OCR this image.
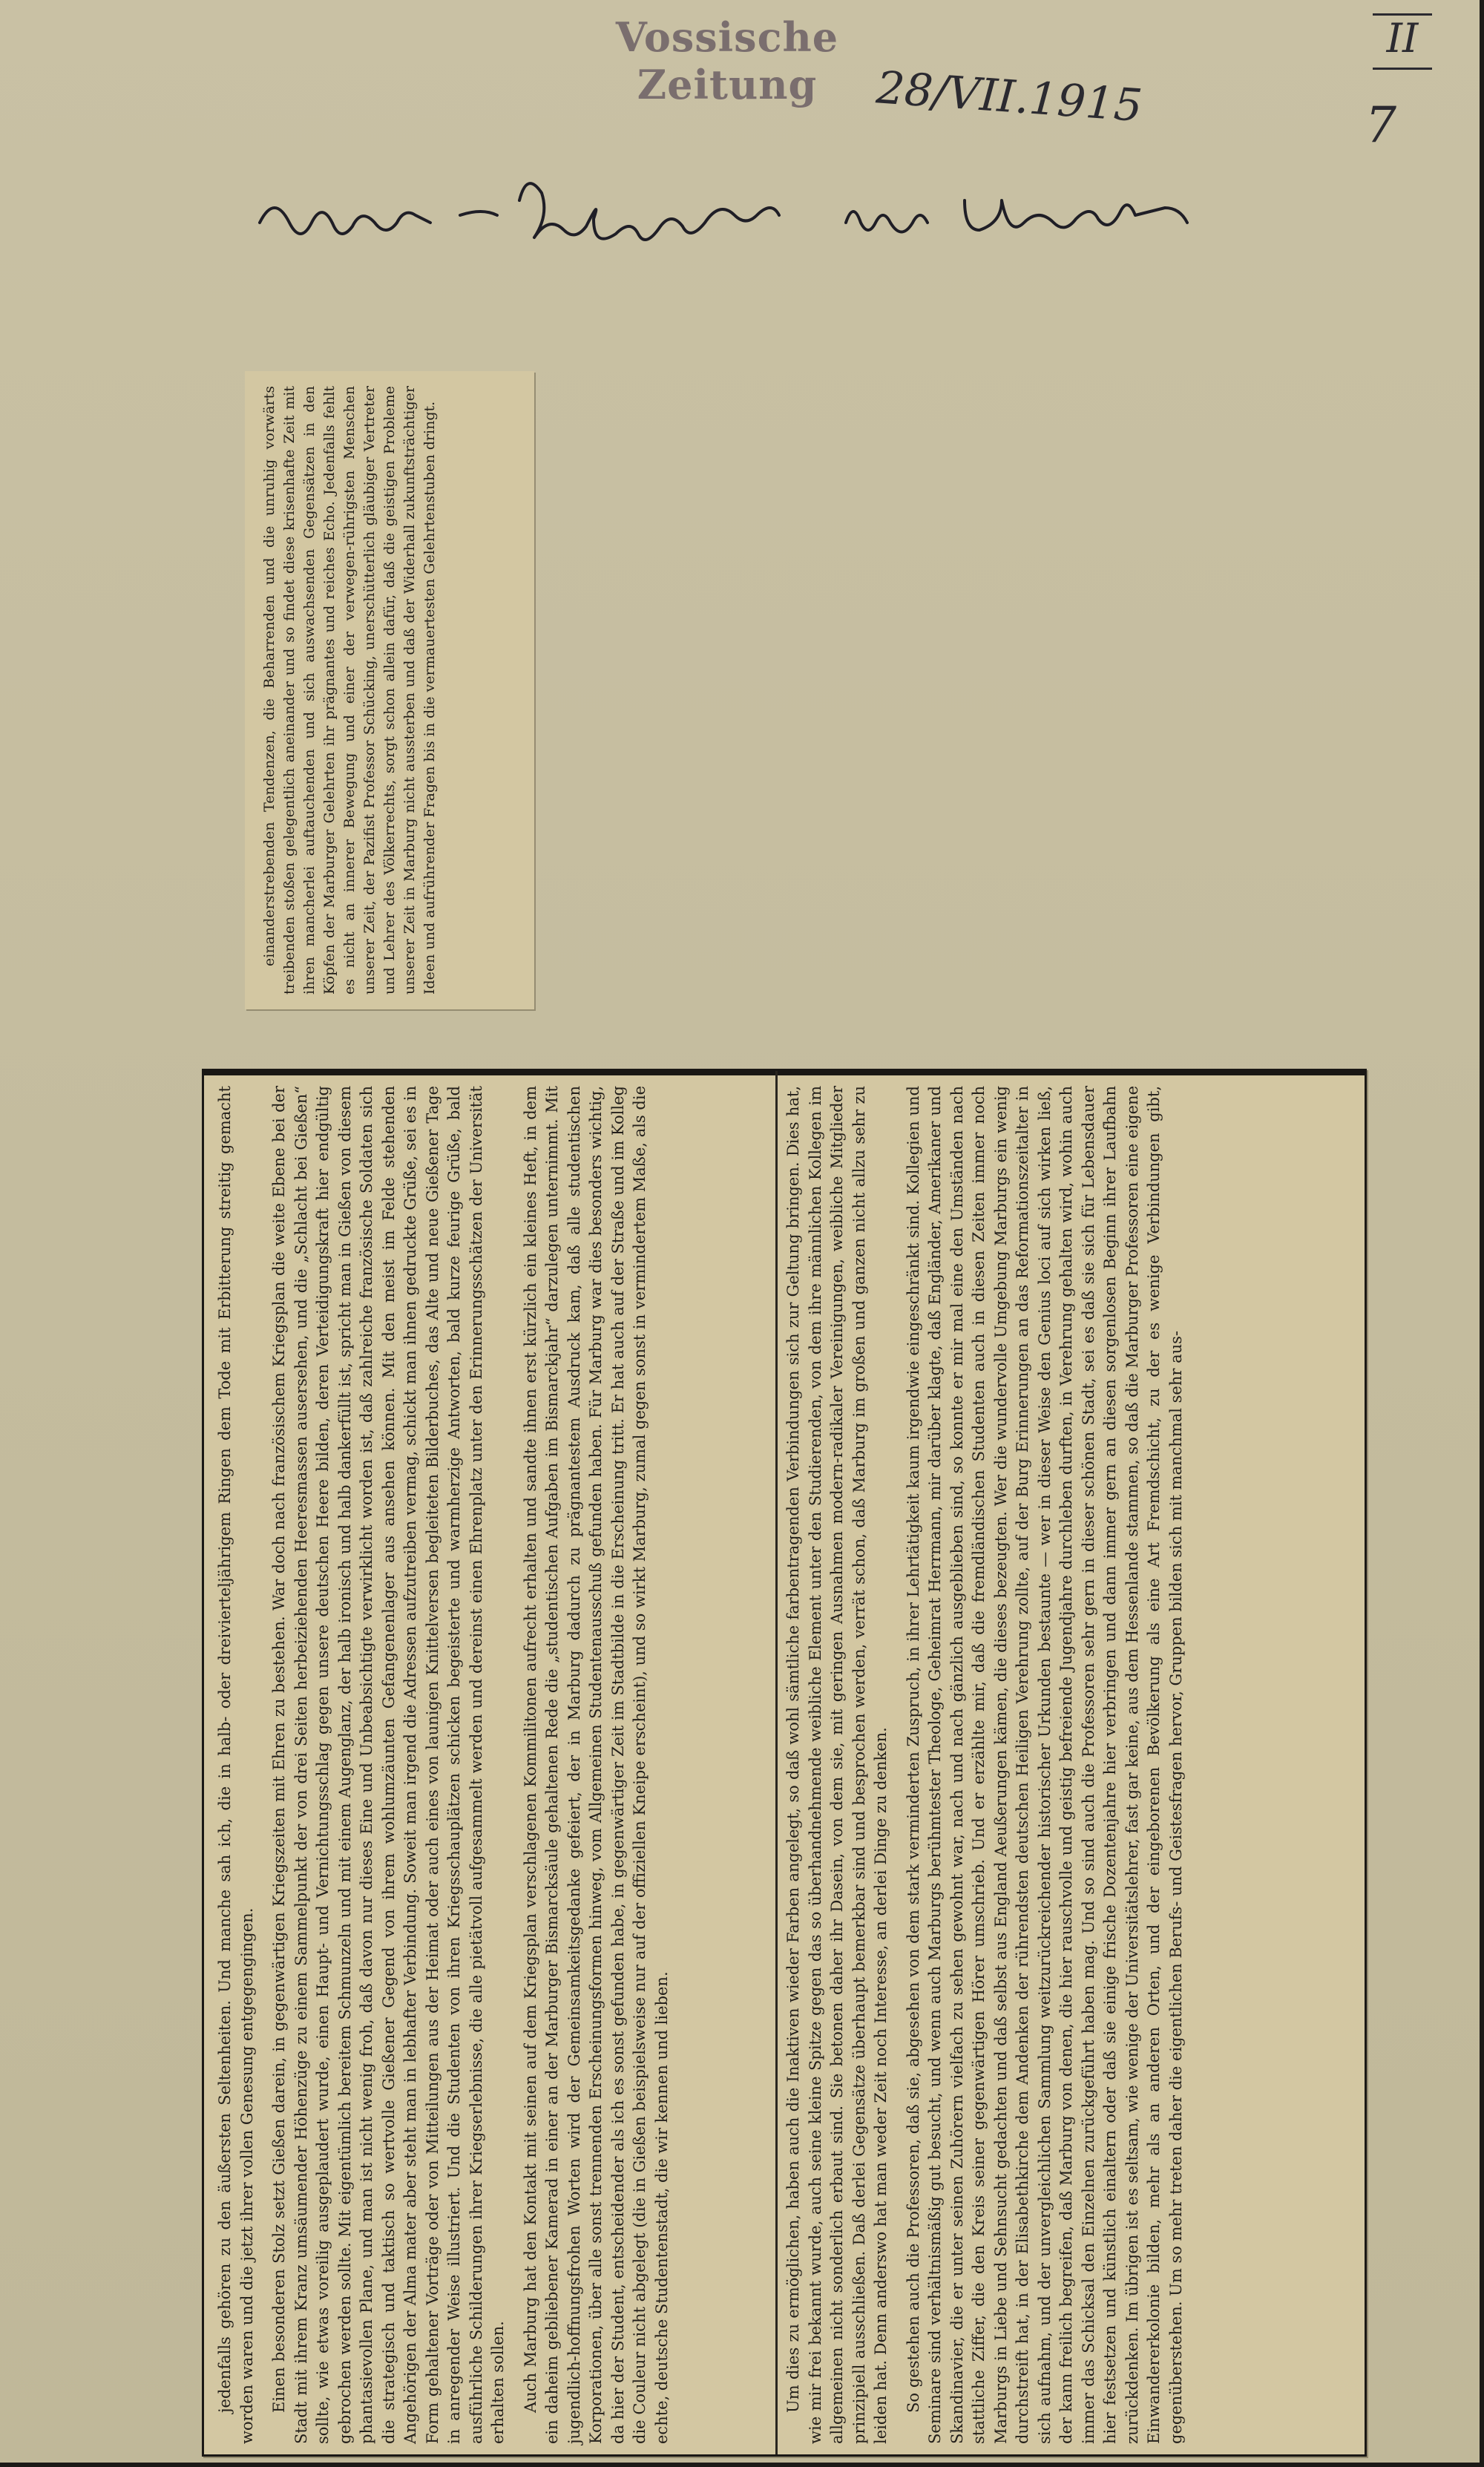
Vossische Zeitung	28/VII.1915
II
7

einanderstrebenden Tendenzen, die Beharrenden und die unruhig vorwärts treibenden stoßen gelegentlich aneinander und so findet diese krisenhafte Zeit mit ihren mancherlei auftauchenden und sich auswachsenden Gegensätzen in den Köpfen der Marburger Gelehrten ihr prägnantes und reiches Echo. Jedenfalls fehlt es nicht an innerer Bewegung und einer der verwegen-rührigsten Menschen unserer Zeit, der Pazifist Professor Schücking, unerschütterlich gläubiger Vertreter und Lehrer des Völkerrechts, sorgt schon allein dafür, daß die geistigen Probleme unserer Zeit in Marburg nicht aussterben und daß der Widerhall zukunftsträchtiger Ideen und aufrührender Fragen bis in die vermauertesten Gelehrtenstuben dringt.

jedenfalls gehören zu den äußersten Seltenheiten. Und manche sah ich, die in halb- oder dreivierteljährigem Ringen dem Tode mit Erbitterung streitig gemacht worden waren und die jetzt ihrer vollen Genesung entgegengingen. Einen besonderen Stolz setzt Gießen darein, in gegenwärtigen Kriegszeiten mit Ehren zu bestehen. War doch nach französischem Kriegsplan die weite Ebene bei der Stadt mit ihrem Kranz umsäumender Höhenzüge zu einem Sammelpunkt der von drei Seiten herbeiziehenden Heeresmassen ausersehen, und die „Schlacht bei Gießen“ sollte, wie etwas voreilig ausgeplaudert wurde, einen Haupt- und Vernichtungsschlag gegen unsere deutschen Heere bilden, deren Verteidigungskraft hier endgültig gebrochen werden sollte. Mit eigentümlich bereitem Schmunzeln und mit einem Augenglanz, der halb ironisch und halb dankerfüllt ist, spricht man in Gießen von diesem phantasievollen Plane, und man ist nicht wenig froh, daß davon nur dieses Eine und Unbeabsichtigte verwirklicht worden ist, daß zahlreiche französische Soldaten sich die strategisch und taktisch so wertvolle Gießener Gegend von ihrem wohlumzäunten Gefangenenlager aus ansehen können. Mit den meist im Felde stehenden Angehörigen der Alma mater aber steht man in lebhafter Verbindung. Soweit man irgend die Adressen aufzutreiben vermag, schickt man ihnen gedruckte Grüße, sei es in Form gehaltener Vorträge oder von Mitteilungen aus der Heimat oder auch eines von launigen Knittelversen begleiteten Bilderbuches, das Alte und neue Gießener Tage in anregender Weise illustriert. Und die Studenten von ihren Kriegsschauplätzen schicken begeisterte und warmherzige Antworten, bald kurze feurige Grüße, bald ausführliche Schilderungen ihrer Kriegserlebnisse, die alle pietätvoll aufgesammelt werden und dereinst einen Ehrenplatz unter den Erinnerungsschätzen der Universität erhalten sollen. Auch Marburg hat den Kontakt mit seinen auf dem Kriegsplan verschlagenen Kommilitonen aufrecht erhalten und sandte ihnen erst kürzlich ein kleines Heft, in dem ein daheim gebliebener Kamerad in einer an der Marburger Bismarcksäule gehaltenen Rede die „studentischen Aufgaben im Bismarckjahr“ darzulegen unternimmt. Mit jugendlich-hoffnungsfrohen Worten wird der Gemeinsamkeitsgedanke gefeiert, der in Marburg dadurch zu prägnantestem Ausdruck kam, daß alle studentischen Korporationen, über alle sonst trennenden Erscheinungsformen hinweg, vom Allgemeinen Studentenausschuß gefunden haben. Für Marburg war dies besonders wichtig, da hier der Student, entscheidender als ich es sonst gefunden habe, in gegenwärtiger Zeit im Stadtbilde in die Erscheinung tritt. Er hat auch auf der Straße und im Kolleg die Couleur nicht abgelegt (die in Gießen beispielsweise nur auf der offiziellen Kneipe erscheint), und so wirkt Marburg, zumal gegen sonst in vermindertem Maße, als die echte, deutsche Studentenstadt, die wir kennen und lieben.	Um dies zu ermöglichen, haben auch die Inaktiven wieder Farben angelegt, so daß wohl sämtliche farbentragenden Verbindungen sich zur Geltung bringen. Dies hat, wie mir frei bekannt wurde, auch seine kleine Spitze gegen das so überhandnehmende weibliche Element unter den Studierenden, von dem ihre männlichen Kollegen im allgemeinen nicht sonderlich erbaut sind. Sie betonen daher ihr Dasein, von dem sie, mit geringen Ausnahmen modern-radikaler Vereinigungen, weibliche Mitglieder prinzipiell ausschließen. Daß derlei Gegensätze überhaupt bemerkbar sind und besprochen werden, verrät schon, daß Marburg im großen und ganzen nicht allzu sehr zu leiden hat. Denn anderswo hat man weder Zeit noch Interesse, an derlei Dinge zu denken. So gestehen auch die Professoren, daß sie, abgesehen von dem stark verminderten Zuspruch, in ihrer Lehrtätigkeit kaum irgendwie eingeschränkt sind. Kollegien und Seminare sind verhältnismäßig gut besucht, und wenn auch Marburgs berühmtester Theologe, Geheimrat Herrmann, mir darüber klagte, daß Engländer, Amerikaner und Skandinavier, die er unter seinen Zuhörern vielfach zu sehen gewohnt war, nach und nach gänzlich ausgeblieben sind, so konnte er mir mal eine den Umständen nach stattliche Ziffer, die den Kreis seiner gegenwärtigen Hörer umschrieb. Und er erzählte mir, daß die fremdländischen Studenten auch in diesen Zeiten immer noch Marburgs in Liebe und Sehnsucht gedachten und daß selbst aus England Aeußerungen kämen, die dieses bezeugten. Wer die wundervolle Umgebung Marburgs ein wenig durchstreift hat, in der Elisabethkirche dem Andenken der rührendsten deutschen Heiligen Verehrung zollte, auf der Burg Erinnerungen an das Reformationszeitalter in sich aufnahm, und der unvergleichlichen Sammlung weitzurückreichender historischer Urkunden bestaunte — wer in dieser Weise den Genius loci auf sich wirken ließ, der kann freilich begreifen, daß Marburg von denen, die hier rauschvolle und geistig befreiende Jugendjahre durchleben durften, in Verehrung gehalten wird, wohin auch immer das Schicksal den Einzelnen zurückgeführt haben mag. Und so sind auch die Professoren sehr gern in dieser schönen Stadt, sei es daß sie sich für Lebensdauer hier festsetzen und künstlich einaltern oder daß sie einige frische Dozentenjahre hier verbringen und dann immer gern an diesen sorgenlosen Beginn ihrer Laufbahn zurückdenken. Im übrigen ist es seltsam, wie wenige der Universitätslehrer, fast gar keine, aus dem Hessenlande stammen, so daß die Marburger Professoren eine eigene Einwandererkolonie bilden, mehr als an anderen Orten, und der eingeborenen Bevölkerung als eine Art Fremdschicht, zu der es wenige Verbindungen gibt, gegenüberstehen. Um so mehr treten daher die eigentlichen Berufs- und Geistesfragen hervor, Gruppen bilden sich mit manchmal sehr aus-
